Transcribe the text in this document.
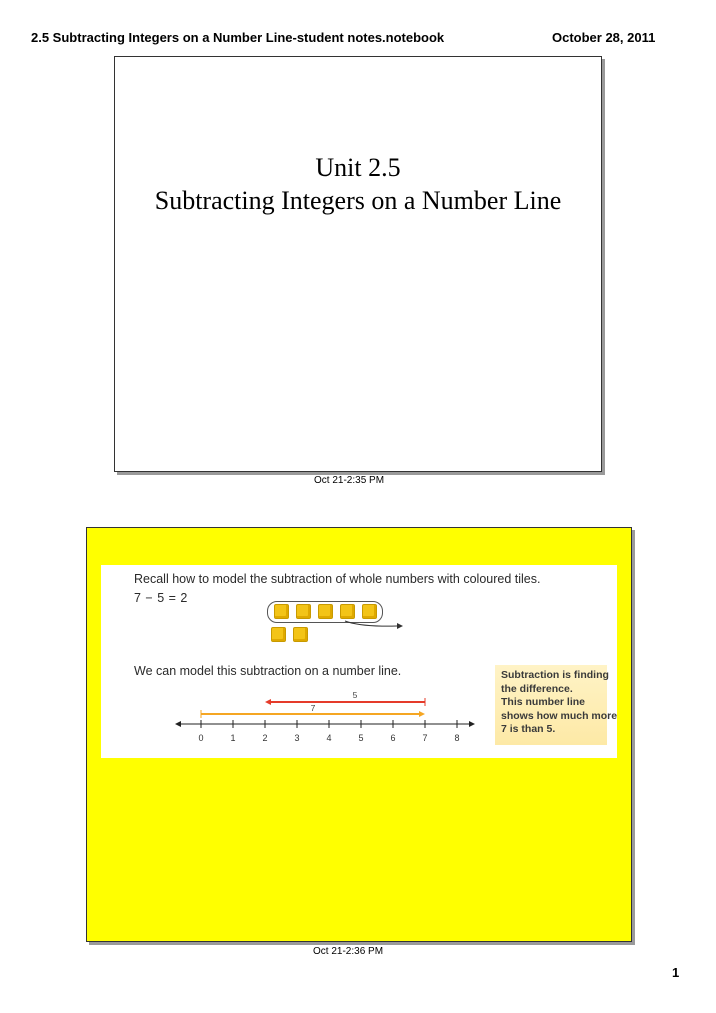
2.5 Subtracting Integers on a Number Line-student notes.notebook	October 28, 2011
Unit 2.5
Subtracting Integers on a Number Line
Oct 21-2:35 PM
Recall how to model the subtraction of whole numbers with coloured tiles.
7 − 5 = 2
We can model this subtraction on a number line.	Subtraction is finding
the difference.
This number line
shows how much more
7 is than 5.
0	1	2	3	4	5	6	7	8
7
5
Oct 21-2:36 PM
1
